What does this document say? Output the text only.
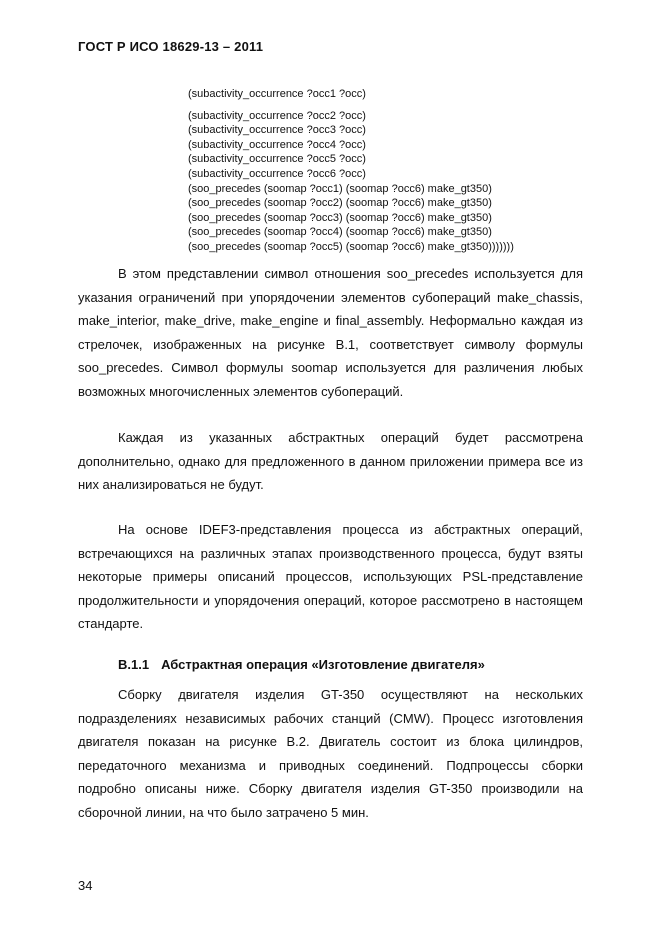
ГОСТ Р ИСО 18629-13 – 2011
(subactivity_occurrence ?occ1 ?occ)
(subactivity_occurrence ?occ2 ?occ)
(subactivity_occurrence ?occ3 ?occ)
(subactivity_occurrence ?occ4 ?occ)
(subactivity_occurrence ?occ5 ?occ)
(subactivity_occurrence ?occ6 ?occ)
(soo_precedes (soomap ?occ1) (soomap ?occ6) make_gt350)
(soo_precedes (soomap ?occ2) (soomap ?occ6) make_gt350)
(soo_precedes (soomap ?occ3) (soomap ?occ6) make_gt350)
(soo_precedes (soomap ?occ4) (soomap ?occ6) make_gt350)
(soo_precedes (soomap ?occ5) (soomap ?occ6) make_gt350)))))))

В этом представлении символ отношения soo_precedes используется для указания ограничений при упорядочении элементов субопераций make_chassis, make_interior, make_drive, make_engine и final_assembly. Неформально каждая из стрелочек, изображенных на рисунке В.1, соответствует символу формулы soo_precedes. Символ формулы soomap используется для различения любых возможных многочисленных элементов субопераций.

Каждая из указанных абстрактных операций будет рассмотрена дополнительно, однако для предложенного в данном приложении примера все из них анализироваться не будут.

На основе IDEF3-представления процесса из абстрактных операций, встречающихся на различных этапах производственного процесса, будут взяты некоторые примеры описаний процессов, использующих PSL-представление продолжительности и упорядочения операций, которое рассмотрено в настоящем стандарте.

B.1.1 Абстрактная операция «Изготовление двигателя»

Сборку двигателя изделия GT-350 осуществляют на нескольких подразделениях независимых рабочих станций (CMW). Процесс изготовления двигателя показан на рисунке В.2. Двигатель состоит из блока цилиндров, передаточного механизма и приводных соединений. Подпроцессы сборки подробно описаны ниже. Сборку двигателя изделия GT-350 производили на сборочной линии, на что было затрачено 5 мин.

34
